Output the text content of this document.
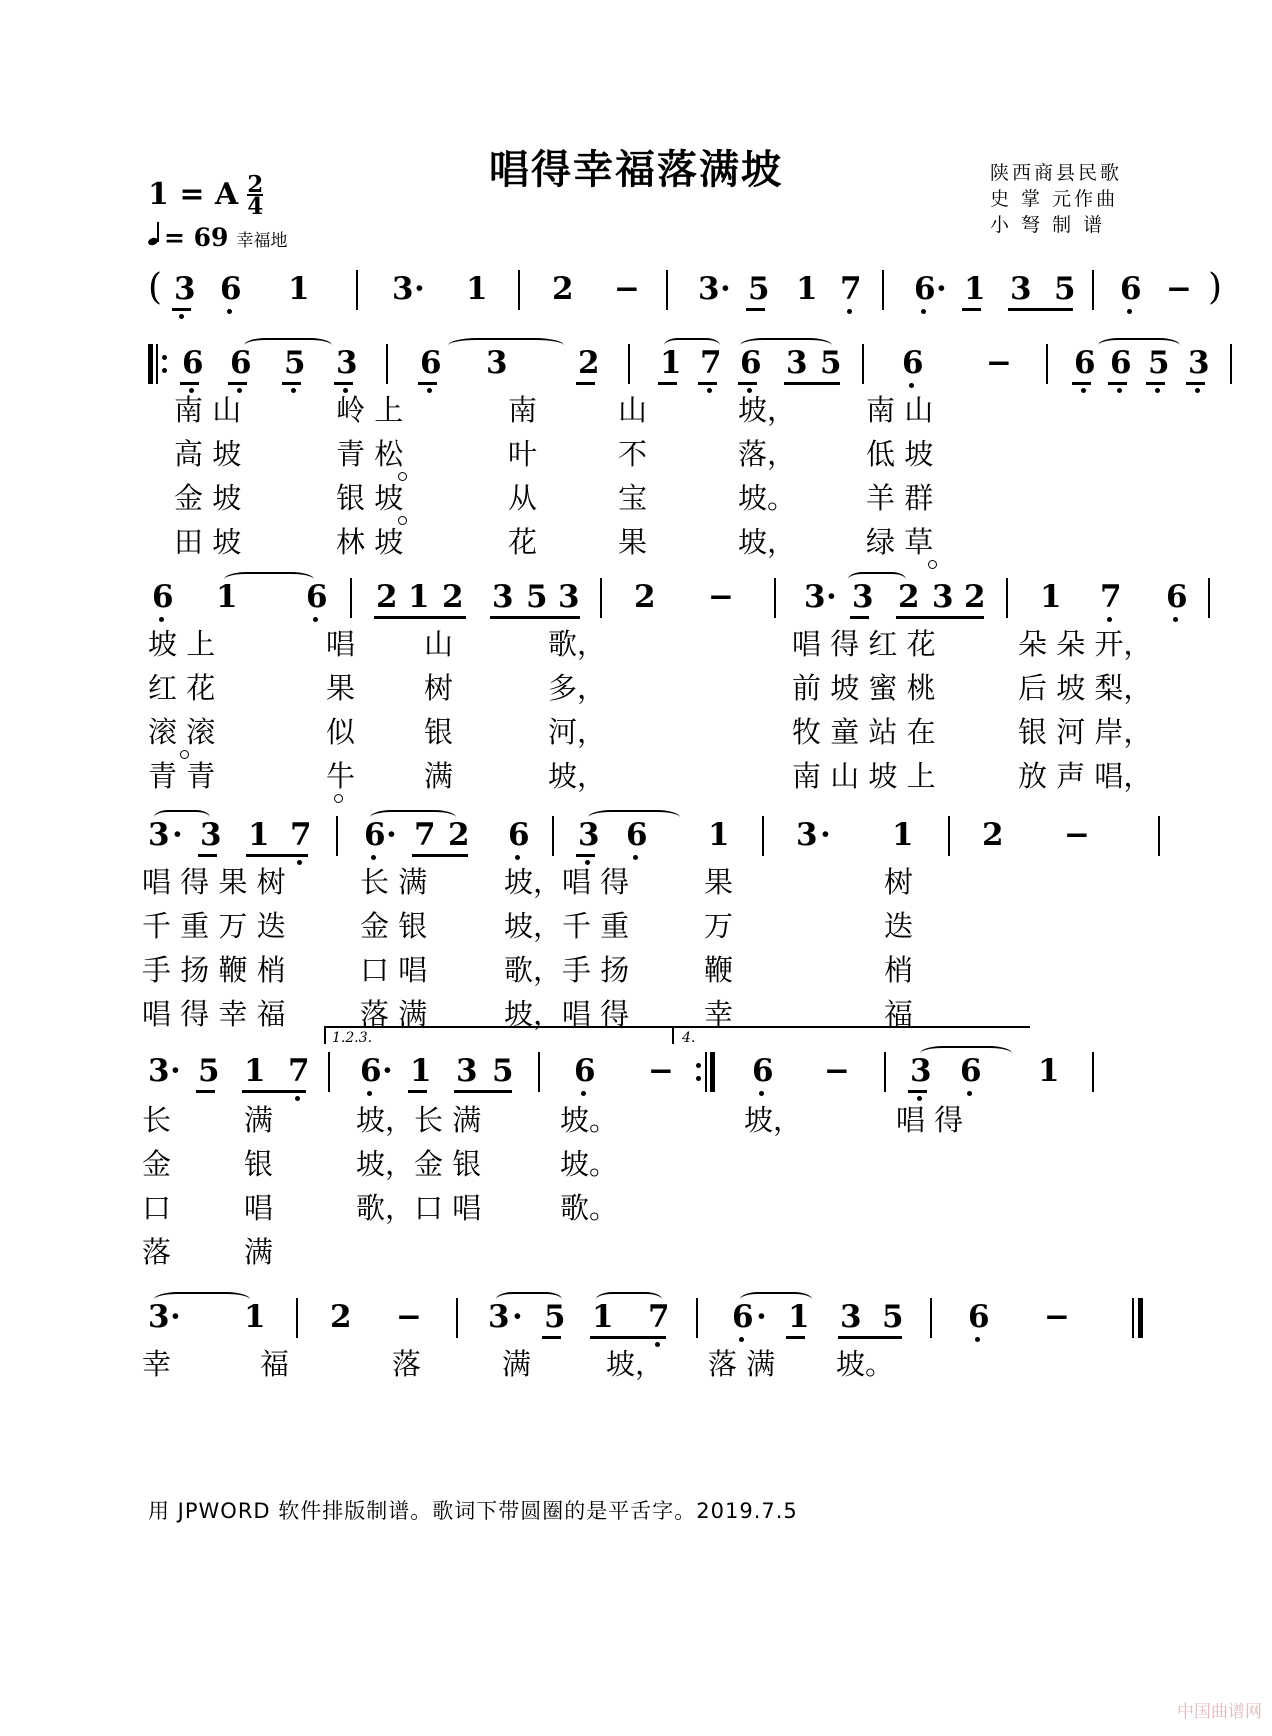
唱得幸福落满坡	陕西商县民歌
史 掌 元作曲
小 弩 制 谱
1 = A $\frac{2}{4}$
= 69 幸福地
( 3 6 1	3 · 1 2 − 3 · 5 1 7 6 · 1 3 5 6 − )
6 6 5 3 6 3 2 1 7 6 3 5 6 − 6 6 5 3
南 山	岭 上	南	山	坡， 南 山
高 坡	青 松	叶	不	落， 低 坡
金 坡	银 坡	从	宝	坡。 羊 群
田 坡	林 坡	花	果	坡， 绿 草
6 1 6 2 1 2 3 5 3 2 − 3 · 3 2 3 2 1 7 6
坡 上	唱 山	歌，	唱 得 红 花	朵 朵 开，
红 花	果 树	多，	前 坡 蜜 桃	后 坡 梨，
滚 滚	似 银	河，	牧 童 站 在	银 河 岸，
青 青	牛 满	坡，	南 山 坡 上	放 声 唱，
3 · 3 1 7 6 · 7 2 6 3 6 1 3 · 1 2 −
唱 得 果 树	长 满	坡，唱 得	果	树
千 重 万 迭	金 银	坡，千 重	万	迭
手 扬 鞭 梢	口 唱	歌，手 扬	鞭	梢
唱 得 幸 福	落 满	坡，唱 得	幸	福
1.2.3.	4.
3 · 5 1 7 6 · 1 3 5 6 −	6 − 3 6 1
长	满	坡，长 满	坡。	坡，	唱 得
金	银	坡，金 银	坡。
口	唱	歌，口 唱	歌。
落	满
3 · 1 2 − 3 · 5 1 7 6 · 1 3 5 6 −
幸	福	落	满	坡， 落 满 坡。
用 JPWORD 软件排版制谱。歌词下带圆圈的是平舌字。2019.7.5
中国曲谱网
